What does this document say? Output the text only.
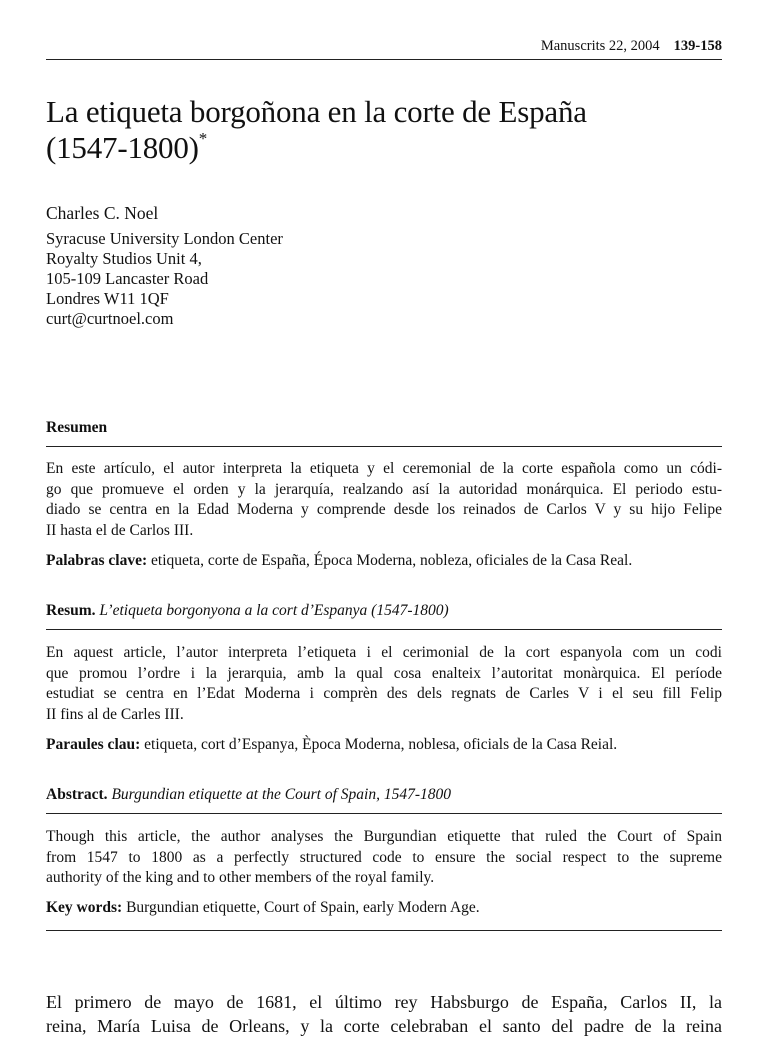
Manuscrits 22, 2004 139-158
La etiqueta borgoñona en la corte de España
(1547-1800)*
Charles C. Noel
Syracuse University London Center
Royalty Studios Unit 4,
105-109 Lancaster Road
Londres W11 1QF
curt@curtnoel.com
Resumen
En este artículo, el autor interpreta la etiqueta y el ceremonial de la corte española como un códi-
go que promueve el orden y la jerarquía, realzando así la autoridad monárquica. El periodo estu-
diado se centra en la Edad Moderna y comprende desde los reinados de Carlos V y su hijo Felipe
II hasta el de Carlos III.
Palabras clave: etiqueta, corte de España, Época Moderna, nobleza, oficiales de la Casa Real.
Resum. L’etiqueta borgonyona a la cort d’Espanya (1547-1800)
En aquest article, l’autor interpreta l’etiqueta i el cerimonial de la cort espanyola com un codi
que promou l’ordre i la jerarquia, amb la qual cosa enalteix l’autoritat monàrquica. El període
estudiat se centra en l’Edat Moderna i comprèn des dels regnats de Carles V i el seu fill Felip
II fins al de Carles III.
Paraules clau: etiqueta, cort d’Espanya, Època Moderna, noblesa, oficials de la Casa Reial.
Abstract. Burgundian etiquette at the Court of Spain, 1547-1800
Though this article, the author analyses the Burgundian etiquette that ruled the Court of Spain
from 1547 to 1800 as a perfectly structured code to ensure the social respect to the supreme
authority of the king and to other members of the royal family.
Key words: Burgundian etiquette, Court of Spain, early Modern Age.
El primero de mayo de 1681, el último rey Habsburgo de España, Carlos II, la
reina, María Luisa de Orleans, y la corte celebraban el santo del padre de la reina
